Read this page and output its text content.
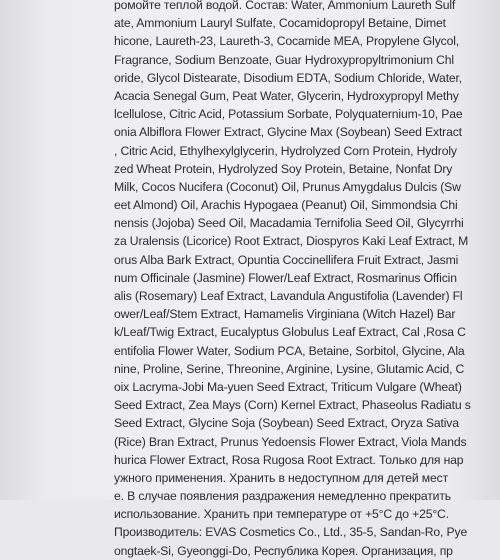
ромойте теплой водой. Состав: Water, Ammonium Laureth Sulf
ate, Ammonium Lauryl Sulfate, Cocamidopropyl Betaine, Dimet
hicone, Laureth-23, Laureth-3, Cocamide MEA, Propylene Glycol,
Fragrance, Sodium Benzoate, Guar Hydroxypropyltrimonium Chl
oride, Glycol Distearate, Disodium EDTA, Sodium Chloride, Water,
Acacia Senegal Gum, Peat Water, Glycerin, Hydroxypropyl Methy
lcellulose, Citric Acid, Potassium Sorbate, Polyquaternium-10, Pae
onia Albiflora Flower Extract, Glycine Max (Soybean) Seed Extract
, Citric Acid, Ethylhexylglycerin, Hydrolyzed Corn Protein, Hydroly
zed Wheat Protein, Hydrolyzed Soy Protein, Betaine, Nonfat Dry
Milk, Cocos Nucifera (Coconut) Oil, Prunus Amygdalus Dulcis (Sw
eet Almond) Oil, Arachis Hypogaea (Peanut) Oil, Simmondsia Chi
nensis (Jojoba) Seed Oil, Macadamia Ternifolia Seed Oil, Glycyrrhi
za Uralensis (Licorice) Root Extract, Diospyros Kaki Leaf Extract, M
orus Alba Bark Extract, Opuntia Coccinellifera Fruit Extract, Jasmi
num Officinale (Jasmine) Flower/Leaf Extract, Rosmarinus Officin
alis (Rosemary) Leaf Extract, Lavandula Angustifolia (Lavender) Fl
ower/Leaf/Stem Extract, Hamamelis Virginiana (Witch Hazel) Bar
k/Leaf/Twig Extract, Eucalyptus Globulus Leaf Extract, Cal ,Rosa C
entifolia Flower Water, Sodium PCA, Betaine, Sorbitol, Glycine, Ala
nine, Proline, Serine, Threonine, Arginine, Lysine, Glutamic Acid, C
oix Lacryma-Jobi Ma-yuen Seed Extract, Triticum Vulgare (Wheat)
Seed Extract, Zea Mays (Corn) Kernel Extract, Phaseolus Radiatu s
Seed Extract, Glycine Soja (Soybean) Seed Extract, Oryza Sativa
(Rice) Bran Extract, Prunus Yedoensis Flower Extract, Viola Mands
hurica Flower Extract, Rosa Rugosa Root Extract. Только для нар
ужного применения. Хранить в недоступном для детей мест
е. В случае появления раздражения немедленно прекратить
использование. Хранить при температуре от +5°С до +25°С.
Производитель: EVAS Cosmetics Co., Ltd., 35-5, Sandan-Ro, Pye
ongtaek-Si, Gyeonggi-Do, Республика Корея. Организация, пр
